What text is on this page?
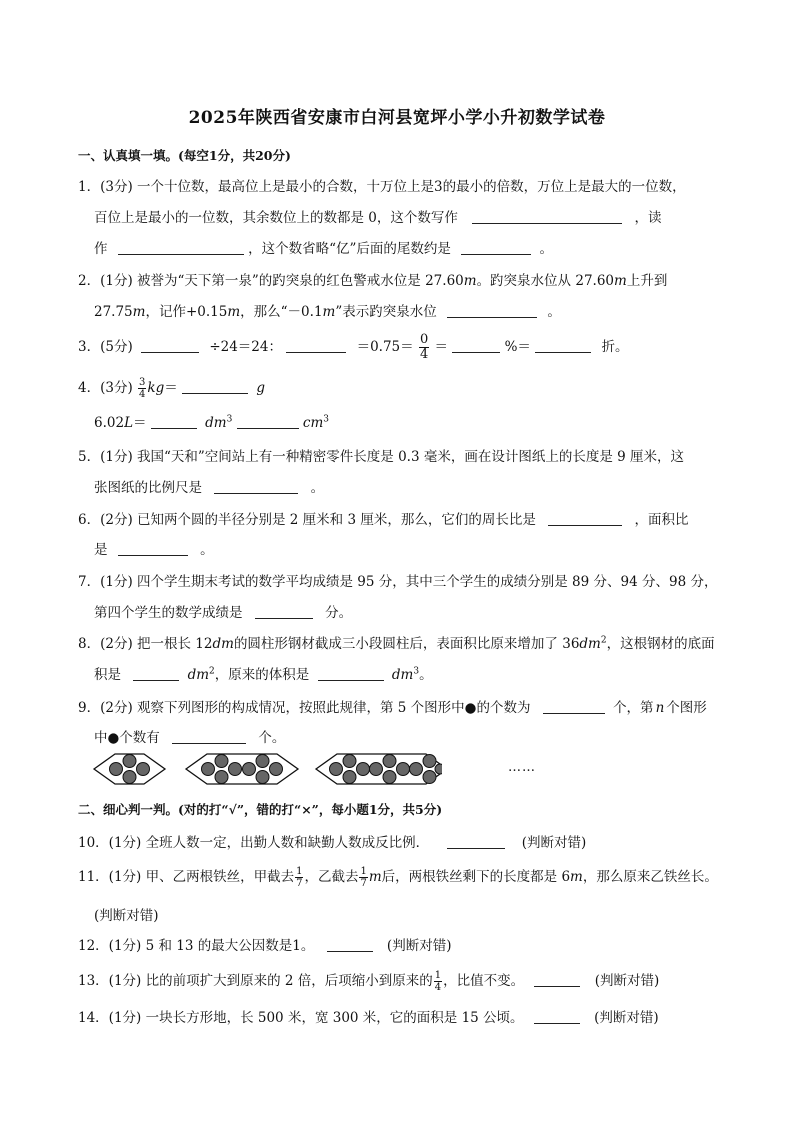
2025年陕西省安康市白河县宽坪小学小升初数学试卷
一、认真填一填。(每空1分，共20分)
1．(3分) 一个十位数，最高位上是最小的合数，十万位上是3的最小的倍数，万位上是最大的一位数，
百位上是最小的一位数，其余数位上的数都是 0，这个数写作	，读
作	，这个数省略“亿”后面的尾数约是	。
2．(1分) 被誉为“天下第一泉”的趵突泉的红色警戒水位是 27.60m。趵突泉水位从 27.60m上升到
27.75m，记作+0.15m，那么“－0.1m”表示趵突泉水位	。
3．(5分)	÷24＝24：	$=0.75= \frac{0}{4}$ ＝	%＝	折。
4．(3分) $\frac{3}{4} kg=$	g
6.02L＝	$dm^3$	$cm^3$
5．(1分) 我国“天和”空间站上有一种精密零件长度是 0.3 毫米，画在设计图纸上的长度是 9 厘米，这
张图纸的比例尺是	。
6．(2分) 已知两个圆的半径分别是 2 厘米和 3 厘米，那么，它们的周长比是	，面积比
是	。
7．(1分) 四个学生期末考试的数学平均成绩是 95 分，其中三个学生的成绩分别是 89 分、94 分、98 分，
第四个学生的数学成绩是	分。
8．(2分) 把一根长 12dm的圆柱形钢材截成三小段圆柱后，表面积比原来增加了 $36dm^2$，这根钢材的底面
积是	$dm^2$，原来的体积是	$dm^3$。
9．(2分) 观察下列图形的构成情况，按照此规律，第 5 个图形中●的个数为	个，第 n 个图形
中●个数有	个。
……
二、细心判一判。(对的打“√”，错的打“×”，每小题1分，共5分)
10．(1分) 全班人数一定，出勤人数和缺勤人数成反比例．	(判断对错)
11．(1分) 甲、乙两根铁丝，甲截去 $\frac{1}{7}$ ，乙截去 $\frac{1}{7}$ m后，两根铁丝剩下的长度都是 6m，那么原来乙铁丝长。
(判断对错)
12．(1分) 5 和 13 的最大公因数是1。	(判断对错)
13．(1分) 比的前项扩大到原来的 2 倍，后项缩小到原来的 $\frac{1}{4}$ ，比值不变。	(判断对错)
14．(1分) 一块长方形地，长 500 米，宽 300 米，它的面积是 15 公顷。	(判断对错)
